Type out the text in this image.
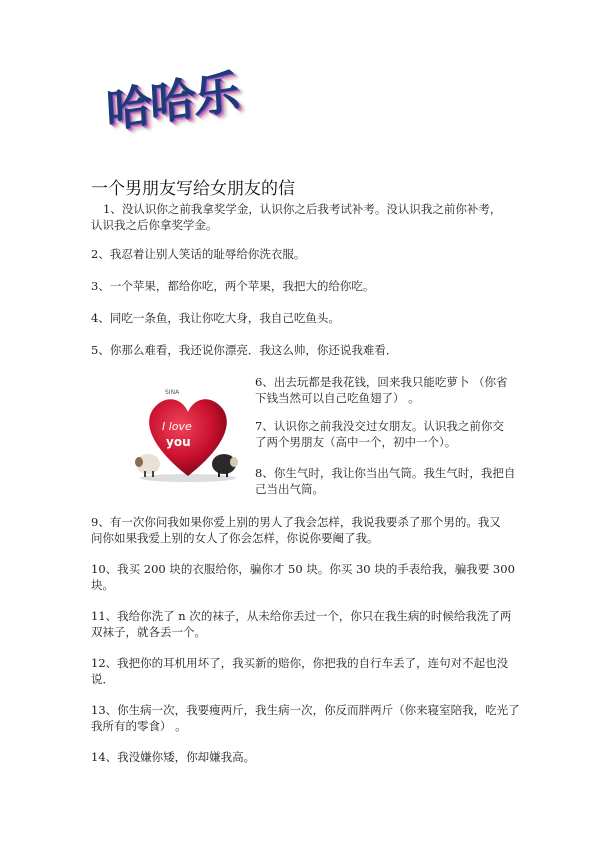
哈哈乐
一个男朋友写给女朋友的信
1、没认识你之前我拿奖学金，认识你之后我考试补考。没认识我之前你补考，
认识我之后你拿奖学金。
2、我忍着让别人笑话的耻辱给你洗衣服。
3、一个苹果，都给你吃，两个苹果，我把大的给你吃。
4、同吃一条鱼，我让你吃大身，我自己吃鱼头。
5、你那么难看，我还说你漂亮．我这么帅，你还说我难看．
6、出去玩都是我花钱，回来我只能吃萝卜 （你省
下钱当然可以自己吃鱼翅了） 。
7、认识你之前我没交过女朋友。认识我之前你交
了两个男朋友（高中一个，初中一个）。
8、你生气时，我让你当出气筒。我生气时，我把自
己当出气筒。
9、有一次你问我如果你爱上别的男人了我会怎样，我说我要杀了那个男的。我又
问你如果我爱上别的女人了你会怎样，你说你要阉了我。
10、我买 200 块的衣服给你，骗你才 50 块。你买 30 块的手表给我，骗我要 300
块。
11、我给你洗了 n 次的袜子，从未给你丢过一个，你只在我生病的时候给我洗了两
双袜子，就各丢一个。
12、我把你的耳机用坏了，我买新的赔你，你把我的自行车丢了，连句对不起也没
说．
13、你生病一次，我要瘦两斤，我生病一次，你反而胖两斤（你来寝室陪我，吃光了
我所有的零食） 。
14、我没嫌你矮，你却嫌我高。
SINA
I love
you
